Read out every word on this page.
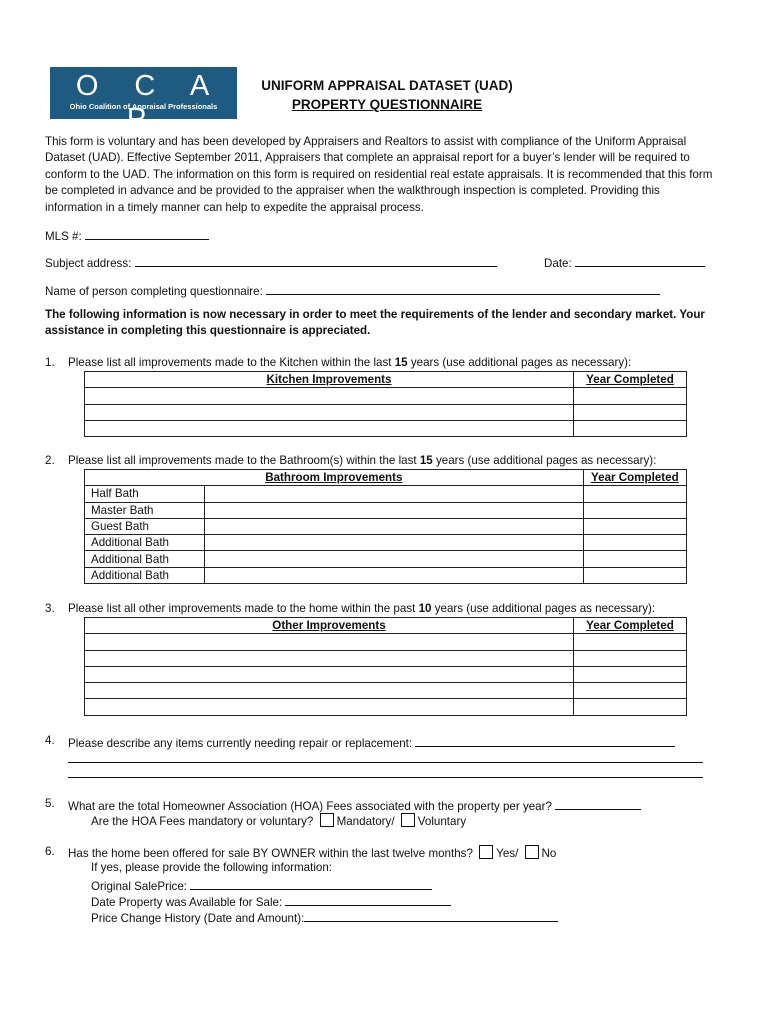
O C A P
Ohio Coalition of Appraisal Professionals
UNIFORM APPRAISAL DATASET (UAD)
PROPERTY QUESTIONNAIRE
This form is voluntary and has been developed by Appraisers and Realtors to assist with compliance of the Uniform Appraisal Dataset (UAD). Effective September 2011, Appraisers that complete an appraisal report for a buyer’s lender will be required to conform to the UAD. The information on this form is required on residential real estate appraisals. It is recommended that this form be completed in advance and be provided to the appraiser when the walkthrough inspection is completed. Providing this information in a timely manner can help to expedite the appraisal process.
MLS #:
Subject address:	Date:
Name of person completing questionnaire:
The following information is now necessary in order to meet the requirements of the lender and secondary market. Your assistance in completing this questionnaire is appreciated.
1. Please list all improvements made to the Kitchen within the last 15 years (use additional pages as necessary):
Kitchen Improvements	Year Completed

2. Please list all improvements made to the Bathroom(s) within the last 15 years (use additional pages as necessary):
Bathroom Improvements		Year Completed
Half Bath		
Master Bath		
Guest Bath		
Additional Bath		
Additional Bath		
Additional Bath		
3. Please list all other improvements made to the home within the past 10 years (use additional pages as necessary):
Other Improvements	Year Completed

4. Please describe any items currently needing repair or replacement:
5. What are the total Homeowner Association (HOA) Fees associated with the property per year?
Are the HOA Fees mandatory or voluntary? Mandatory/ Voluntary
6. Has the home been offered for sale BY OWNER within the last twelve months? Yes/ No
If yes, please provide the following information:
Original SalePrice:
Date Property was Available for Sale:
Price Change History (Date and Amount):
